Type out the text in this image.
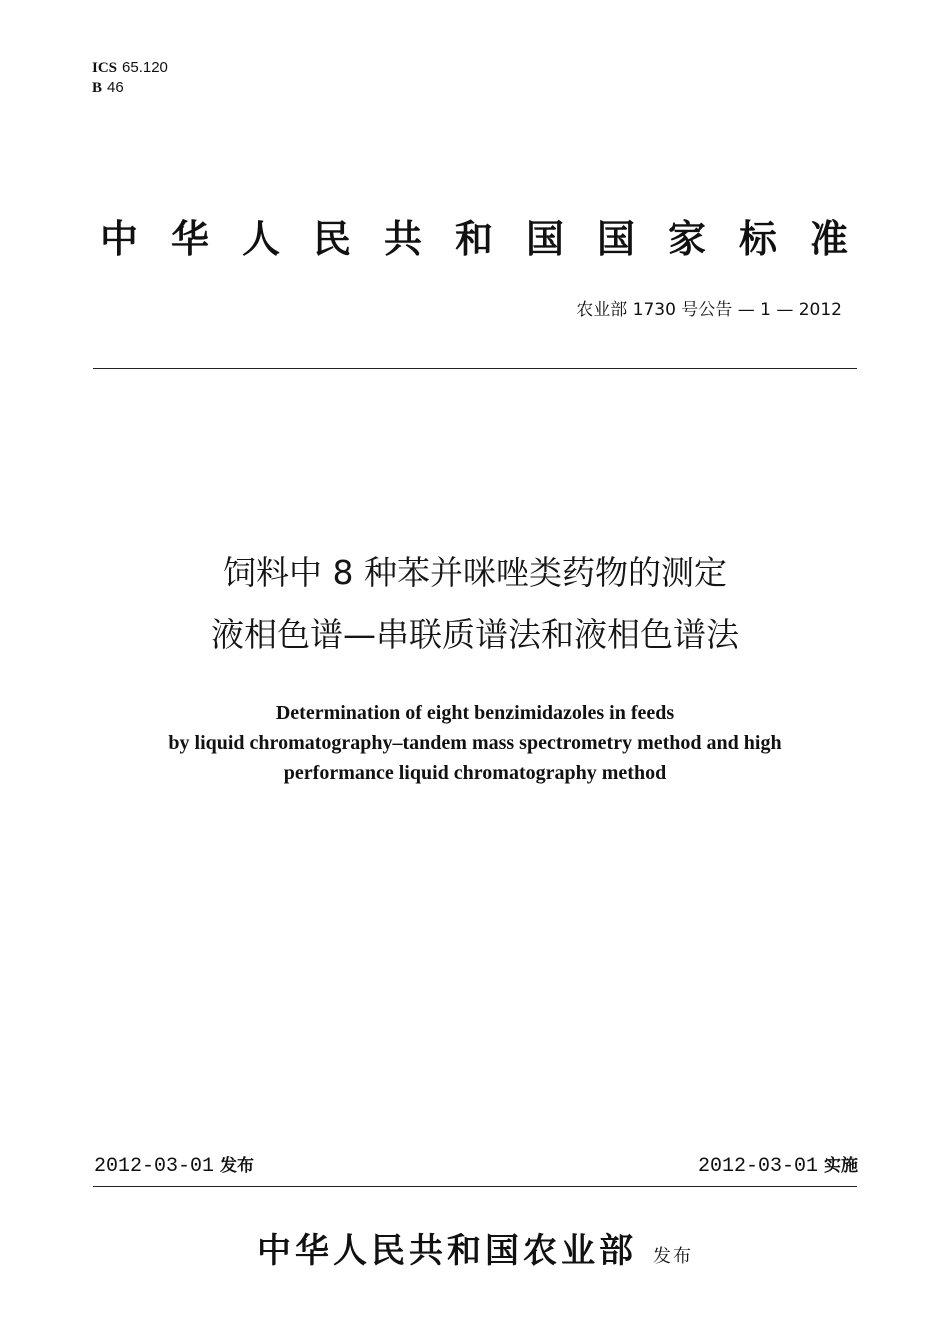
ICS 65.120
B 46
中华人民共和国国家标准
农业部 1730 号公告 — 1 — 2012
饲料中 8 种苯并咪唑类药物的测定
液相色谱—串联质谱法和液相色谱法
Determination of eight benzimidazoles in feeds
by liquid chromatography–tandem mass spectrometry method and high
performance liquid chromatography method
2012-03-01 发布	2012-03-01 实施
中华人民共和国农业部 发布
